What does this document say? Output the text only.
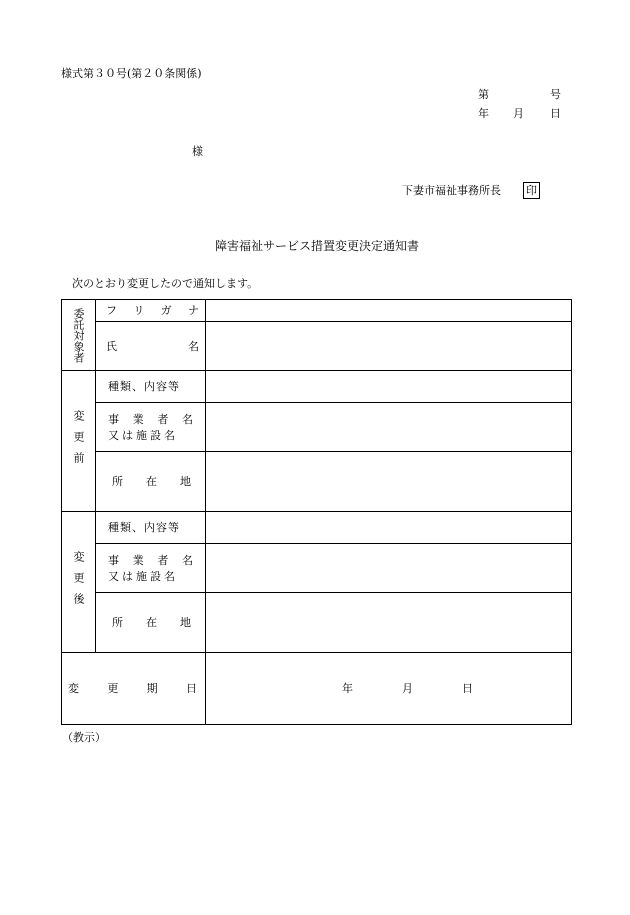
様式第３０号(第２０条関係)
第	号
年 月 日
様
下妻市福祉事務所長 印
障害福祉サービス措置変更決定通知書
次のとおり変更したので通知します。
委託対象者	フ リ ガ ナ	

	氏 名	

変更前	種類、内容等	

	事 業 者 名
又は施設名	

	所 在 地	

変更後	種類、内容等	

	事 業 者 名
又は施設名	

	所 在 地	

変 更 期 日		年 月 日
（教示）
